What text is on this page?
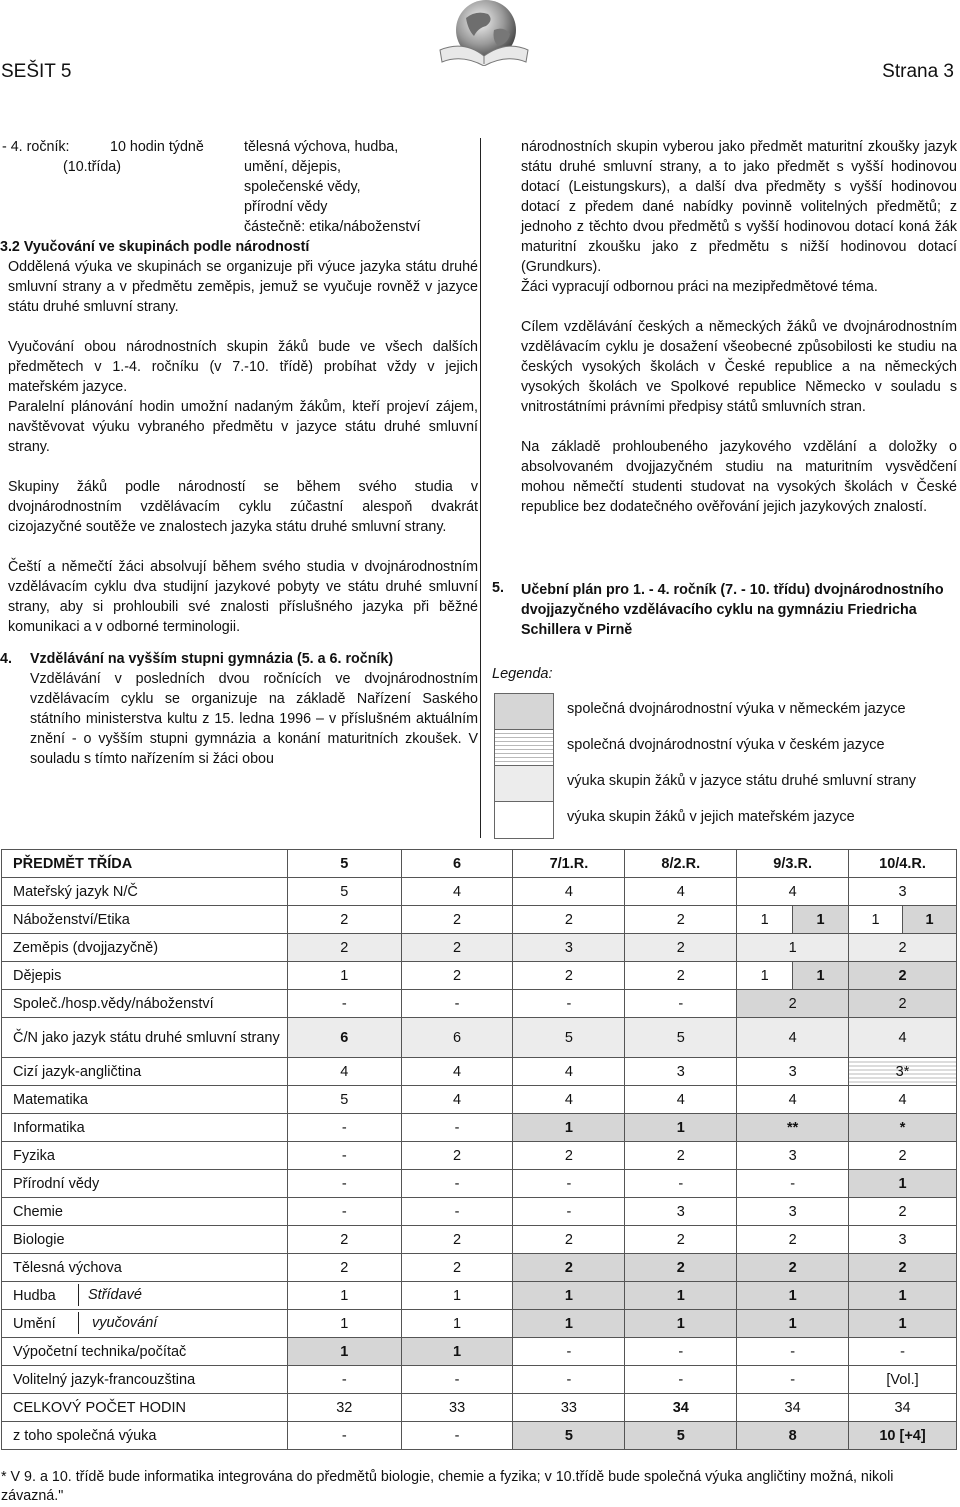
SEŠIT 5	Strana 3
- 4. ročník:	10 hodin týdně	tělesná výchova, hudba,
(10.třída)	umění, dějepis,
společenské vědy,
přírodní vědy
částečně: etika/náboženství

3.2 Vyučování ve skupinách podle národností

Oddělená výuka ve skupinách se organizuje při výuce jazyka státu druhé smluvní strany a v předmětu zeměpis, jemuž se vyučuje rovněž v jazyce státu druhé smluvní strany.

Vyučování obou národnostních skupin žáků bude ve všech dalších předmětech v 1.-4. ročníku (v 7.-10. třídě) probíhat vždy v jejich mateřském jazyce.

Paralelní plánování hodin umožní nadaným žákům, kteří projeví zájem, navštěvovat výuku vybraného předmětu v jazyce státu druhé smluvní strany.

Skupiny žáků podle národností se během svého studia v dvojnárodnostním vzdělávacím cyklu zúčastní alespoň dvakrát cizojazyčné soutěže ve znalostech jazyka státu druhé smluvní strany.

Čeští a němečtí žáci absolvují během svého studia v dvojnárodnostním vzdělávacím cyklu dva studijní jazykové pobyty ve státu druhé smluvní strany, aby si prohloubili své znalosti příslušného jazyka při běžné komunikaci a v odborné terminologii.

4. Vzdělávání na vyšším stupni gymnázia (5. a 6. ročník)

Vzdělávání v posledních dvou ročnících ve dvojnárodnostním vzdělávacím cyklu se organizuje na základě Nařízení Saského státního ministerstva kultu z 15. ledna 1996 – v příslušném aktuálním znění - o vyšším stupni gymnázia a konání maturitních zkoušek. V souladu s tímto nařízením si žáci obou

národnostních skupin vyberou jako předmět maturitní zkoušky jazyk státu druhé smluvní strany, a to jako předmět s vyšší hodinovou dotací (Leistungskurs), a další dva předměty s vyšší hodinovou dotací z předem dané nabídky povinně volitelných předmětů; z jednoho z těchto dvou předmětů s vyšší hodinovou dotací koná žák maturitní zkoušku jako z předmětu s nižší hodinovou dotací (Grundkurs).

Žáci vypracují odbornou práci na mezipředmětové téma.

Cílem vzdělávání českých a německých žáků ve dvojnárodnostním vzdělávacím cyklu je dosažení všeobecné způsobilosti ke studiu na českých vysokých školách v České republice a na německých vysokých školách ve Spolkové republice Německo v souladu s vnitrostátními právními předpisy států smluvních stran.

Na základě prohloubeného jazykového vzdělání a doložky o absolvovaném dvojjazyčném studiu na maturitním vysvědčení mohou němečtí studenti studovat na vysokých školách v České republice bez dodatečného ověřování jejich jazykových znalostí.

5. Učební plán pro 1. - 4. ročník (7. - 10. třídu) dvojnárodnostního dvojjazyčného vzdělávacího cyklu na gymnáziu Friedricha Schillera v Pirně
Legenda:
společná dvojnárodnostní výuka v německém jazyce
společná dvojnárodnostní výuka v českém jazyce
výuka skupin žáků v jazyce státu druhé smluvní strany
výuka skupin žáků v jejich mateřském jazyce
PŘEDMĚT TŘÍDA	5	6	7/1.R.	8/2.R.	9/3.R.		10/4.R.	
Mateřský jazyk N/Č	5	4	4	4	4		3	
Náboženství/Etika	2	2	2	2	1	1	1	1
Zeměpis (dvojjazyčně)	2	2	3	2	1		2	
Dějepis	1	2	2	2	1	1	2	
Společ./hosp.vědy/náboženství	-	-	-	-	2		2	
Č/N jako jazyk státu druhé smluvní strany	6	6	5	5	4		4	
Cizí jazyk-angličtina	4	4	4	3	3		3*	
Matematika	5	4	4	4	4		4	
Informatika	-	-	1	1	**		*	
Fyzika	-	2	2	2	3		2	
Přírodní vědy	-	-	-	-	-		1	
Chemie	-	-	-	3	3		2	
Biologie	2	2	2	2	2		3	
Tělesná výchova	2	2	2	2	2		2	
Hudba Střídavé	1	1	1	1	1		1	
Umění vyučování	1	1	1	1	1		1	
Výpočetní technika/počítač	1	1	-	-	-		-	
Volitelný jazyk-francouzština	-	-	-	-	-		[Vol.]	
CELKOVÝ POČET HODIN	32	33	33	34	34		34	
z toho společná výuka	-	-	5	5	8		10 [+4]	
* V 9. a 10. třídě bude informatika integrována do předmětů biologie, chemie a fyzika; v 10.třídě bude společná výuka angličtiny možná, nikoli závazná."
